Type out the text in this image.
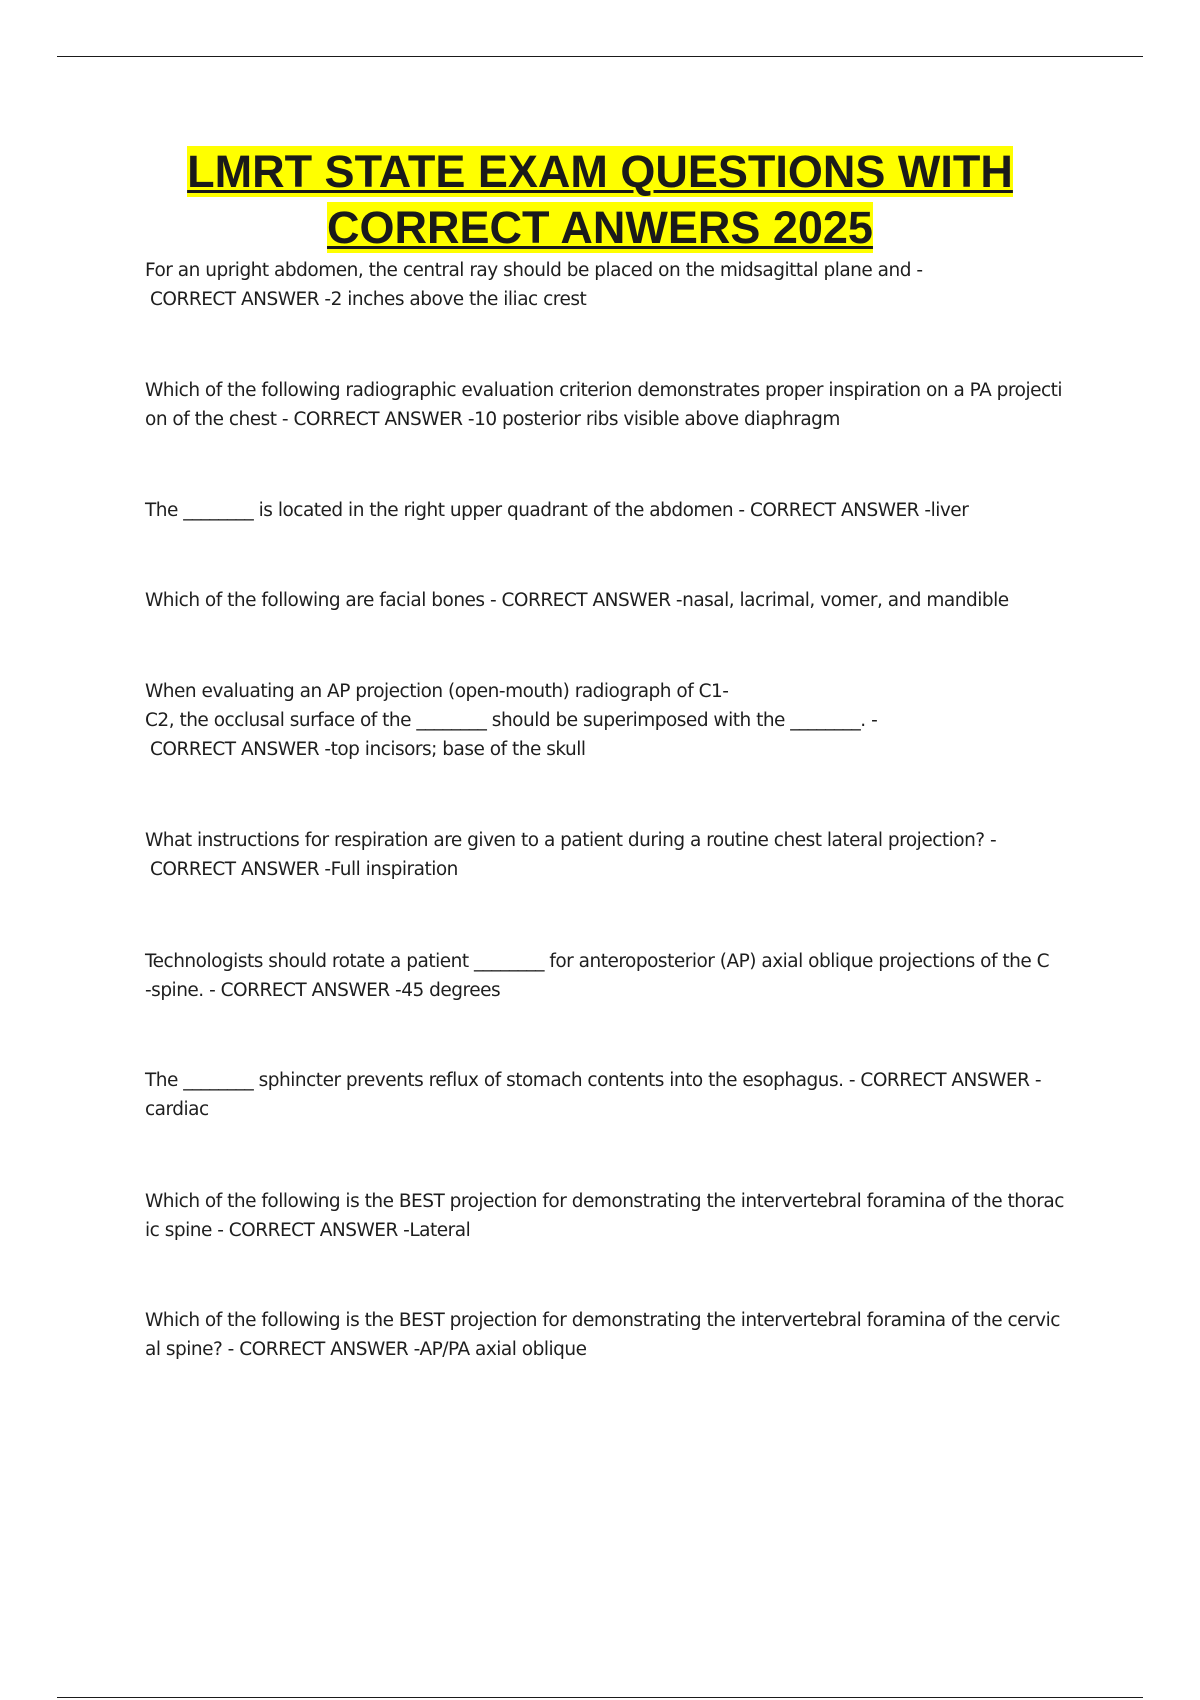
LMRT STATE EXAM QUESTIONS WITH
CORRECT ANWERS 2025

For an upright abdomen, the central ray should be placed on the midsagittal plane and -
CORRECT ANSWER -2 inches above the iliac crest

Which of the following radiographic evaluation criterion demonstrates proper inspiration on a PA projecti
on of the chest - CORRECT ANSWER -10 posterior ribs visible above diaphragm

The ________ is located in the right upper quadrant of the abdomen - CORRECT ANSWER -liver

Which of the following are facial bones - CORRECT ANSWER -nasal, lacrimal, vomer, and mandible

When evaluating an AP projection (open-mouth) radiograph of C1-
C2, the occlusal surface of the ________ should be superimposed with the ________. -
CORRECT ANSWER -top incisors; base of the skull

What instructions for respiration are given to a patient during a routine chest lateral projection? -
CORRECT ANSWER -Full inspiration

Technologists should rotate a patient ________ for anteroposterior (AP) axial oblique projections of the C
-spine. - CORRECT ANSWER -45 degrees

The ________ sphincter prevents reflux of stomach contents into the esophagus. - CORRECT ANSWER -
cardiac

Which of the following is the BEST projection for demonstrating the intervertebral foramina of the thorac
ic spine - CORRECT ANSWER -Lateral

Which of the following is the BEST projection for demonstrating the intervertebral foramina of the cervic
al spine? - CORRECT ANSWER -AP/PA axial oblique
